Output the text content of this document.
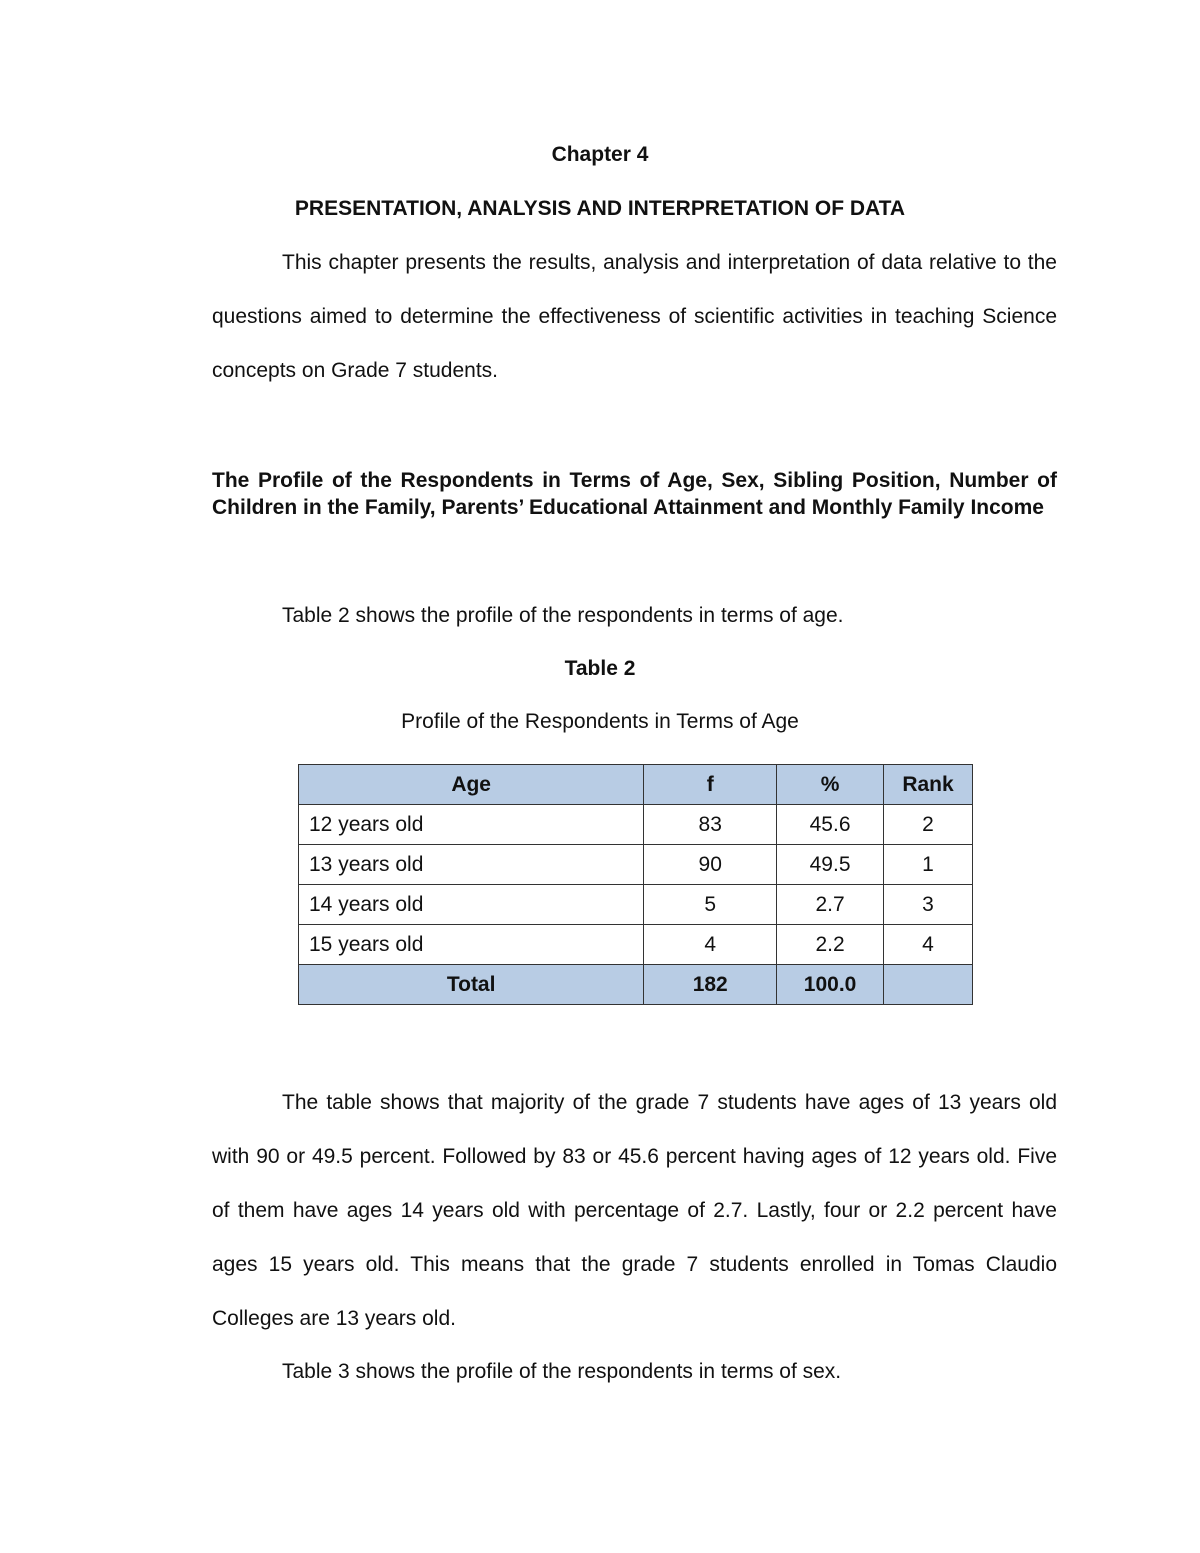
Chapter 4
PRESENTATION, ANALYSIS AND INTERPRETATION OF DATA

This chapter presents the results, analysis and interpretation of data relative to the questions aimed to determine the effectiveness of scientific activities in teaching Science concepts on Grade 7 students.

The Profile of the Respondents in Terms of Age, Sex, Sibling Position, Number of Children in the Family, Parents’ Educational Attainment and Monthly Family Income

Table 2 shows the profile of the respondents in terms of age.

Table 2
Profile of the Respondents in Terms of Age
Age	f	%	Rank
12 years old	83	45.6	2
13 years old	90	49.5	1
14 years old	5	2.7	3
15 years old	4	2.2	4
Total	182	100.0	

The table shows that majority of the grade 7 students have ages of 13 years old with 90 or 49.5 percent. Followed by 83 or 45.6 percent having ages of 12 years old. Five of them have ages 14 years old with percentage of 2.7. Lastly, four or 2.2 percent have ages 15 years old. This means that the grade 7 students enrolled in Tomas Claudio Colleges are 13 years old.

Table 3 shows the profile of the respondents in terms of sex.
